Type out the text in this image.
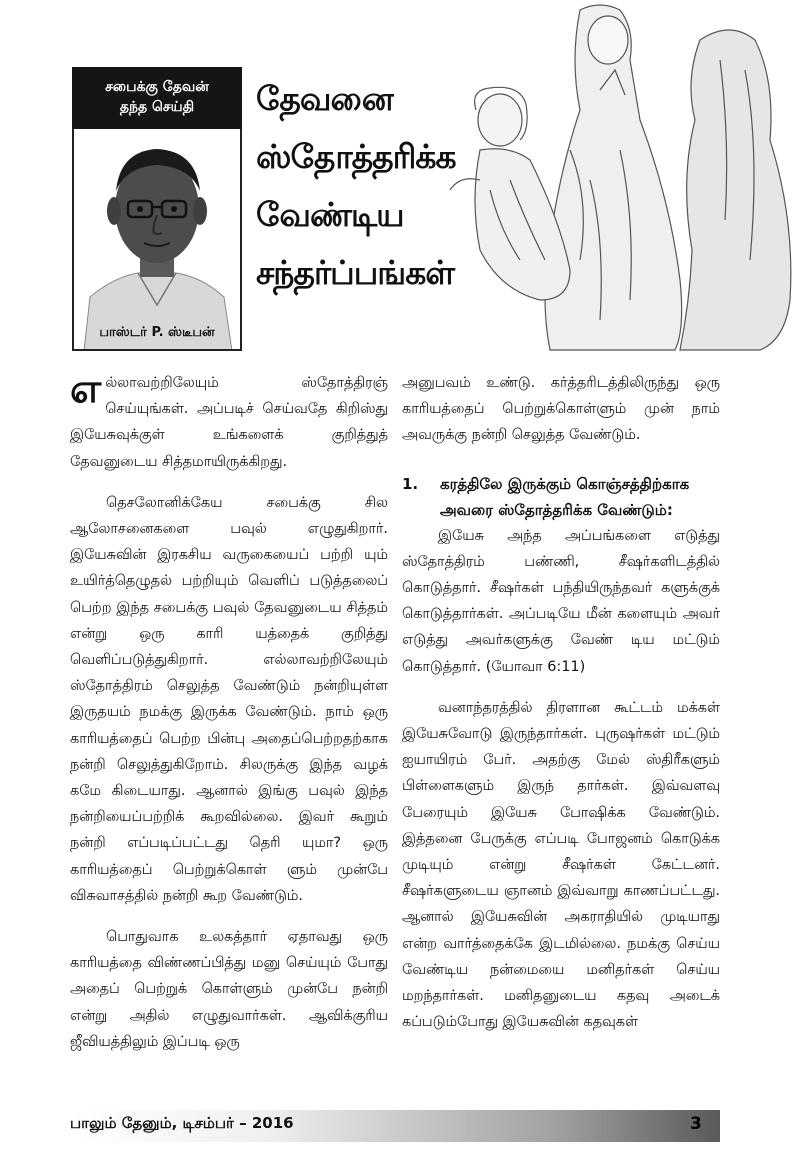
சபைக்கு தேவன்
தந்த செய்தி
பாஸ்டர் P. ஸ்டீபன்
தேவனை
ஸ்தோத்தரிக்க
வேண்டிய
சந்தர்ப்பங்கள்

எல்லாவற்றிலேயும் ஸ்தோத்திரஞ் செய்யுங்கள். அப்படிச் செய்வதே கிறிஸ்து இயேசுவுக்குள் உங்களைக் குறித்துத் தேவனுடைய சித்தமாயிருக்கிறது.

தெசலோனிக்கேய சபைக்கு சில ஆலோசனைகளை பவுல் எழுதுகிறார். இயேசுவின் இரகசிய வருகையைப் பற்றி யும் உயிர்த்தெழுதல் பற்றியும் வெளிப் படுத்தலைப் பெற்ற இந்த சபைக்கு பவுல் தேவனுடைய சித்தம் என்று ஒரு காரி யத்தைக் குறித்து வெளிப்படுத்துகிறார். எல்லாவற்றிலேயும் ஸ்தோத்திரம் செலுத்த வேண்டும் நன்றியுள்ள இருதயம் நமக்கு இருக்க வேண்டும். நாம் ஒரு காரியத்தைப் பெற்ற பின்பு அதைப்பெற்றதற்காக நன்றி செலுத்துகிறோம். சிலருக்கு இந்த வழக் கமே கிடையாது. ஆனால் இங்கு பவுல் இந்த நன்றியைப்பற்றிக் கூறவில்லை. இவர் கூறும் நன்றி எப்படிப்பட்டது தெரி யுமா? ஒரு காரியத்தைப் பெற்றுக்கொள் ளும் முன்பே விசுவாசத்தில் நன்றி கூற வேண்டும்.

பொதுவாக உலகத்தார் ஏதாவது ஒரு காரியத்தை விண்ணப்பித்து மனு செய்யும் போது அதைப் பெற்றுக் கொள்ளும் முன்பே நன்றி என்று அதில் எழுதுவார்கள். ஆவிக்குரிய ஜீவியத்திலும் இப்படி ஒரு

அனுபவம் உண்டு. கர்த்தரிடத்திலிருந்து ஒரு காரியத்தைப் பெற்றுக்கொள்ளும் முன் நாம் அவருக்கு நன்றி செலுத்த வேண்டும்.

1.	கரத்திலே இருக்கும் கொஞ்சத்திற்காக அவரை ஸ்தோத்தரிக்க வேண்டும்:

இயேசு அந்த அப்பங்களை எடுத்து ஸ்தோத்திரம் பண்ணி, சீஷர்களிடத்தில் கொடுத்தார். சீஷர்கள் பந்தியிருந்தவர் களுக்குக் கொடுத்தார்கள். அப்படியே மீன் களையும் அவர் எடுத்து அவர்களுக்கு வேண் டிய மட்டும் கொடுத்தார். (யோவா 6:11)

வனாந்தரத்தில் திரளான கூட்டம் மக்கள் இயேசுவோடு இருந்தார்கள். புருஷர்கள் மட்டும் ஐயாயிரம் பேர். அதற்கு மேல் ஸ்திரீகளும் பிள்ளைகளும் இருந் தார்கள். இவ்வளவு பேரையும் இயேசு போஷிக்க வேண்டும். இத்தனை பேருக்கு எப்படி போஜனம் கொடுக்க முடியும் என்று சீஷர்கள் கேட்டனர். சீஷர்களுடைய ஞானம் இவ்வாறு காணப்பட்டது. ஆனால் இயேசுவின் அகராதியில் முடியாது என்ற வார்த்தைக்கே இடமில்லை. நமக்கு செய்ய வேண்டிய நன்மையை மனிதர்கள் செய்ய மறந்தார்கள். மனிதனுடைய கதவு அடைக் கப்படும்போது இயேசுவின் கதவுகள்

பாலும் தேனும், டிசம்பர் – 2016	3
